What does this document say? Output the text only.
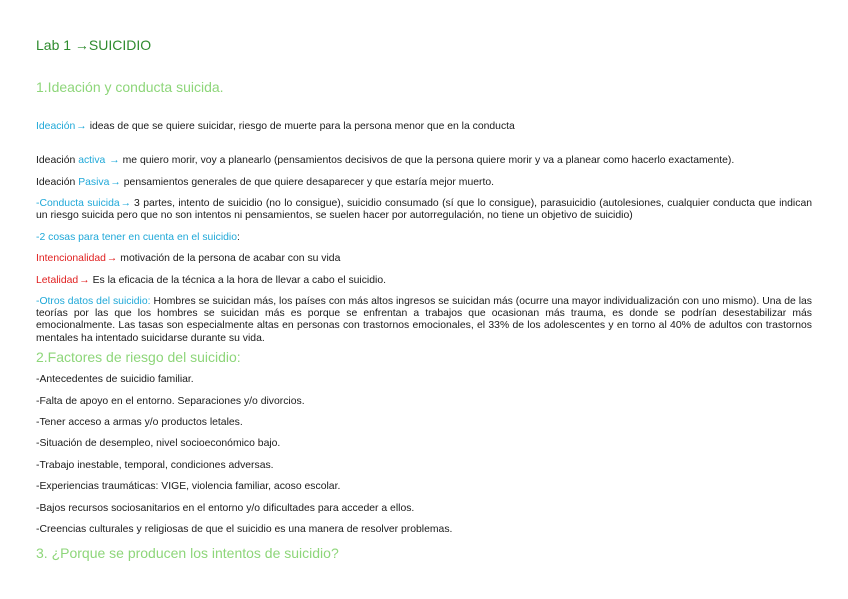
Lab 1 →SUICIDIO
1.Ideación y conducta suicida.
Ideación→ ideas de que se quiere suicidar, riesgo de muerte para la persona menor que en la conducta
Ideación activa → me quiero morir, voy a planearlo (pensamientos decisivos de que la persona quiere morir y va a planear como hacerlo exactamente).
Ideación Pasiva→ pensamientos generales de que quiere desaparecer y que estaría mejor muerto.
-Conducta suicida→ 3 partes, intento de suicidio (no lo consigue), suicidio consumado (sí que lo consigue), parasuicidio (autolesiones, cualquier conducta que indican un riesgo suicida pero que no son intentos ni pensamientos, se suelen hacer por autorregulación, no tiene un objetivo de suicidio)
-2 cosas para tener en cuenta en el suicidio:
Intencionalidad→ motivación de la persona de acabar con su vida
Letalidad→ Es la eficacia de la técnica a la hora de llevar a cabo el suicidio.
-Otros datos del suicidio: Hombres se suicidan más, los países con más altos ingresos se suicidan más (ocurre una mayor individualización con uno mismo). Una de las teorías por las que los hombres se suicidan más es porque se enfrentan a trabajos que ocasionan más trauma, es donde se podrían desestabilizar más emocionalmente. Las tasas son especialmente altas en personas con trastornos emocionales, el 33% de los adolescentes y en torno al 40% de adultos con trastornos mentales ha intentado suicidarse durante su vida.
2.Factores de riesgo del suicidio:
-Antecedentes de suicidio familiar.
-Falta de apoyo en el entorno. Separaciones y/o divorcios.
-Tener acceso a armas y/o productos letales.
-Situación de desempleo, nivel socioeconómico bajo.
-Trabajo inestable, temporal, condiciones adversas.
-Experiencias traumáticas: VIGE, violencia familiar, acoso escolar.
-Bajos recursos sociosanitarios en el entorno y/o dificultades para acceder a ellos.
-Creencias culturales y religiosas de que el suicidio es una manera de resolver problemas.
3. ¿Porque se producen los intentos de suicidio?
